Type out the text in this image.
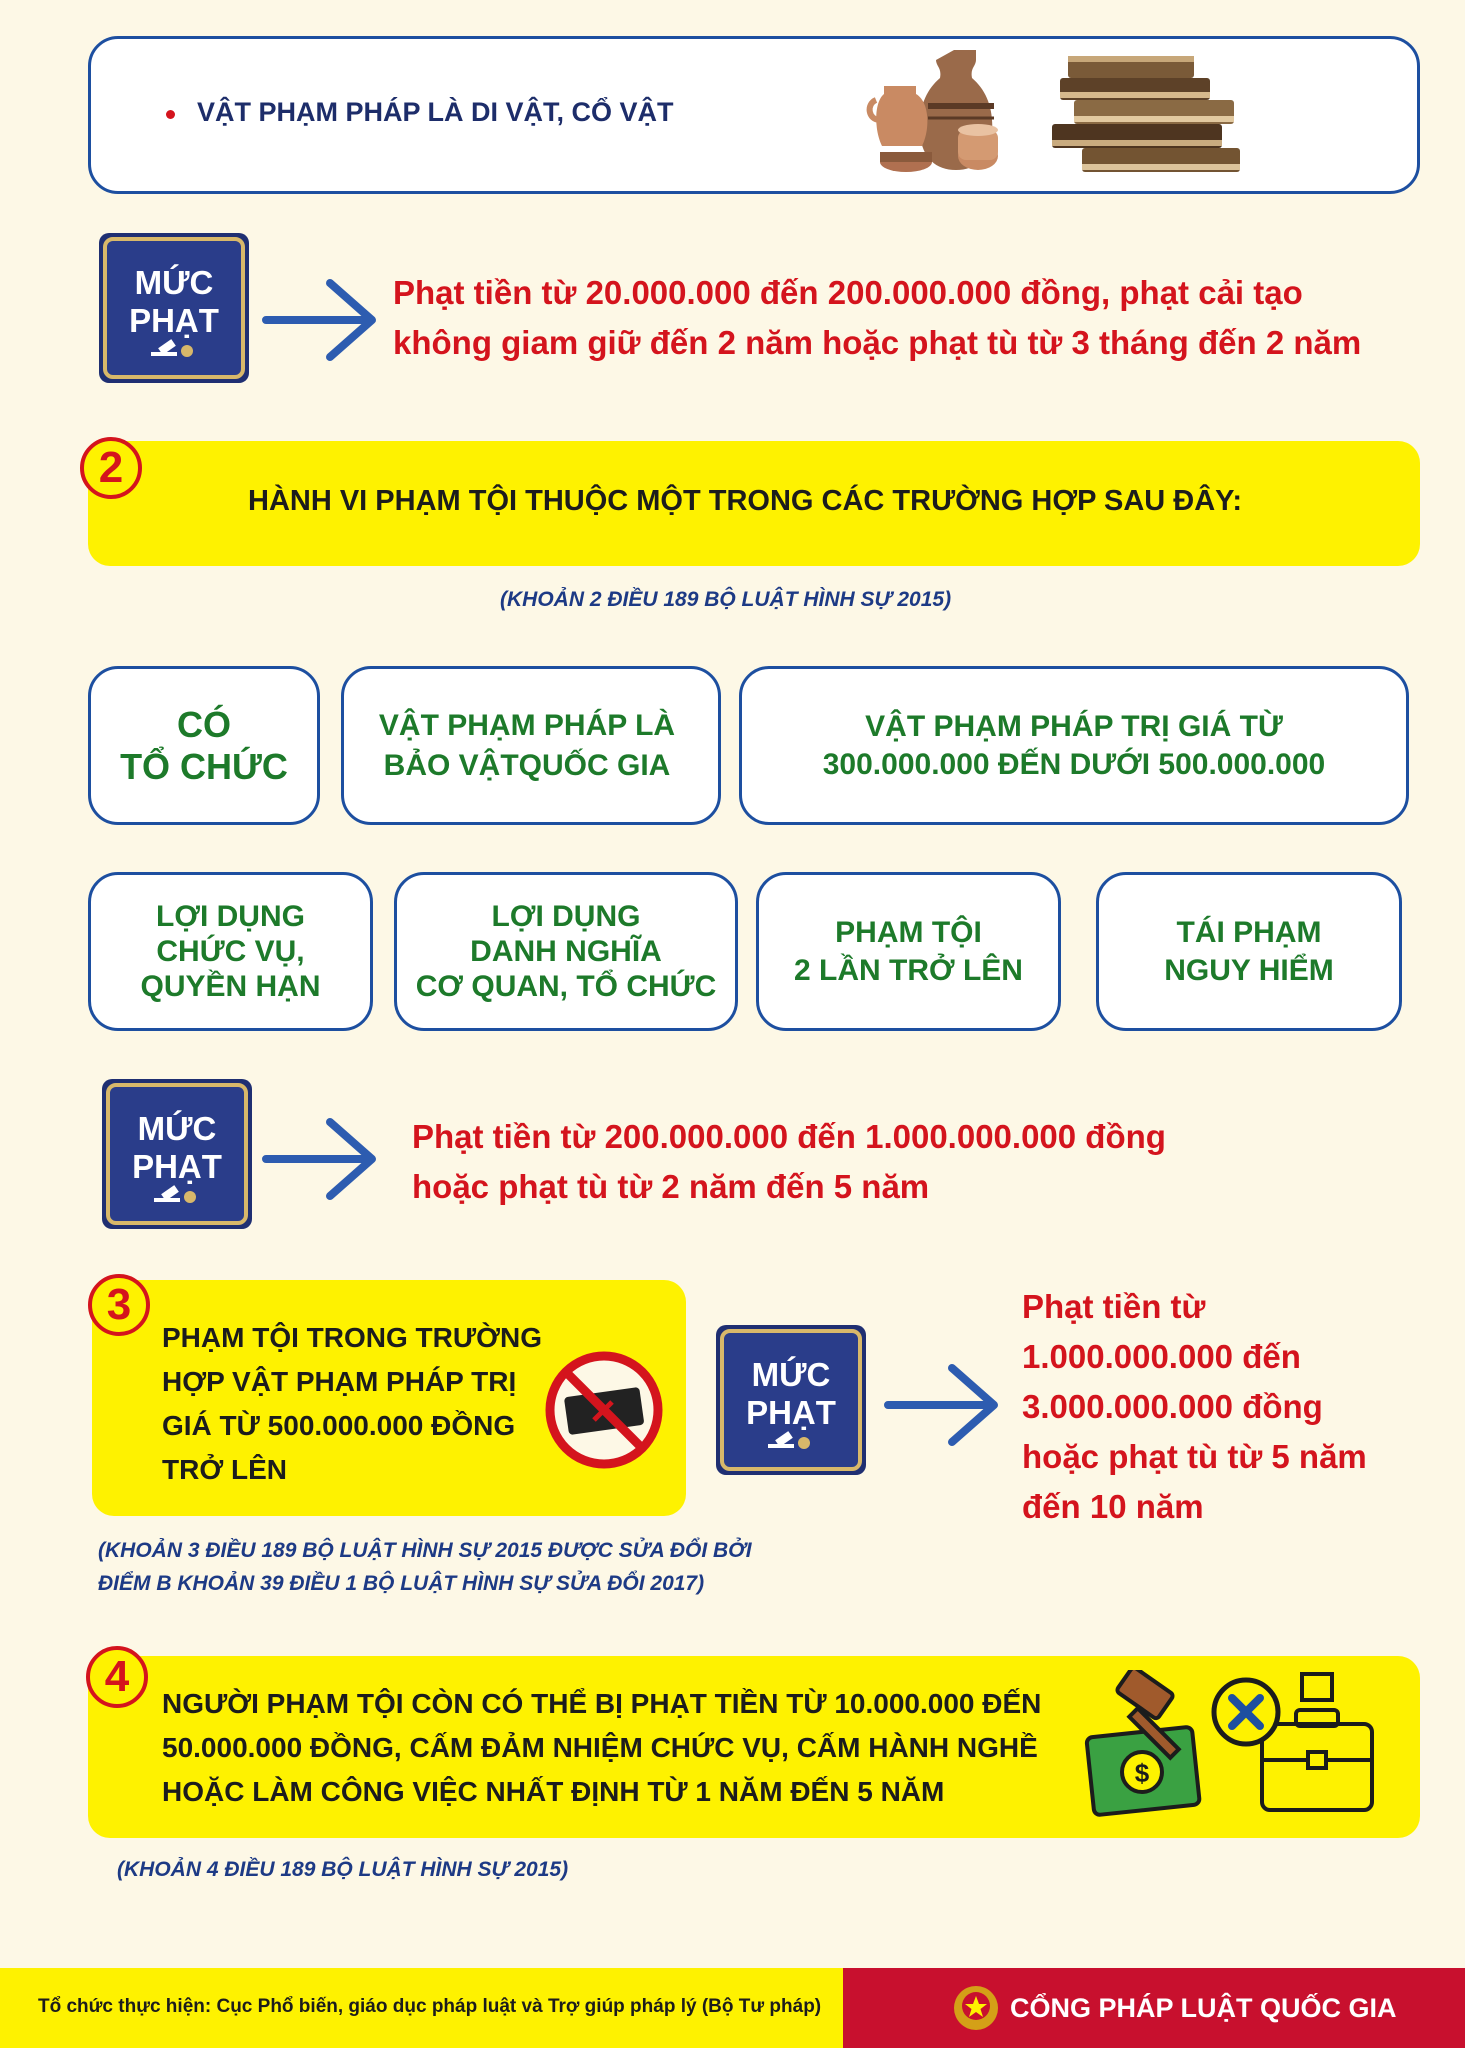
VẬT PHẠM PHÁP LÀ DI VẬT, CỔ VẬT
MỨC
PHẠT
Phạt tiền từ 20.000.000 đến 200.000.000 đồng, phạt cải tạo
không giam giữ đến 2 năm hoặc phạt tù từ 3 tháng đến 2 năm
2
HÀNH VI PHẠM TỘI THUỘC MỘT TRONG CÁC TRƯỜNG HỢP SAU ĐÂY:
(KHOẢN 2 ĐIỀU 189 BỘ LUẬT HÌNH SỰ 2015)
CÓ
TỔ CHỨC
VẬT PHẠM PHÁP LÀ
BẢO VẬTQUỐC GIA
VẬT PHẠM PHÁP TRỊ GIÁ TỪ
300.000.000 ĐẾN DƯỚI 500.000.000
LỢI DỤNG
CHỨC VỤ,
QUYỀN HẠN
LỢI DỤNG
DANH NGHĨA
CƠ QUAN, TỔ CHỨC
PHẠM TỘI
2 LẦN TRỞ LÊN
TÁI PHẠM
NGUY HIỂM
MỨC
PHẠT
Phạt tiền từ 200.000.000 đến 1.000.000.000 đồng
hoặc phạt tù từ 2 năm đến 5 năm
3
PHẠM TỘI TRONG TRƯỜNG
HỢP VẬT PHẠM PHÁP TRỊ
GIÁ TỪ 500.000.000 ĐỒNG
TRỞ LÊN
MỨC
PHẠT
Phạt tiền từ
1.000.000.000 đến
3.000.000.000 đồng
hoặc phạt tù từ 5 năm
đến 10 năm
(KHOẢN 3 ĐIỀU 189 BỘ LUẬT HÌNH SỰ 2015 ĐƯỢC SỬA ĐỔI BỞI
ĐIỂM B KHOẢN 39 ĐIỀU 1 BỘ LUẬT HÌNH SỰ SỬA ĐỔI 2017)
4
NGƯỜI PHẠM TỘI CÒN CÓ THỂ BỊ PHẠT TIỀN TỪ 10.000.000 ĐẾN
50.000.000 ĐỒNG, CẤM ĐẢM NHIỆM CHỨC VỤ, CẤM HÀNH NGHỀ
HOẶC LÀM CÔNG VIỆC NHẤT ĐỊNH TỪ 1 NĂM ĐẾN 5 NĂM
$
(KHOẢN 4 ĐIỀU 189 BỘ LUẬT HÌNH SỰ 2015)
Tổ chức thực hiện: Cục Phổ biến, giáo dục pháp luật và Trợ giúp pháp lý (Bộ Tư pháp)	CỔNG PHÁP LUẬT QUỐC GIA
